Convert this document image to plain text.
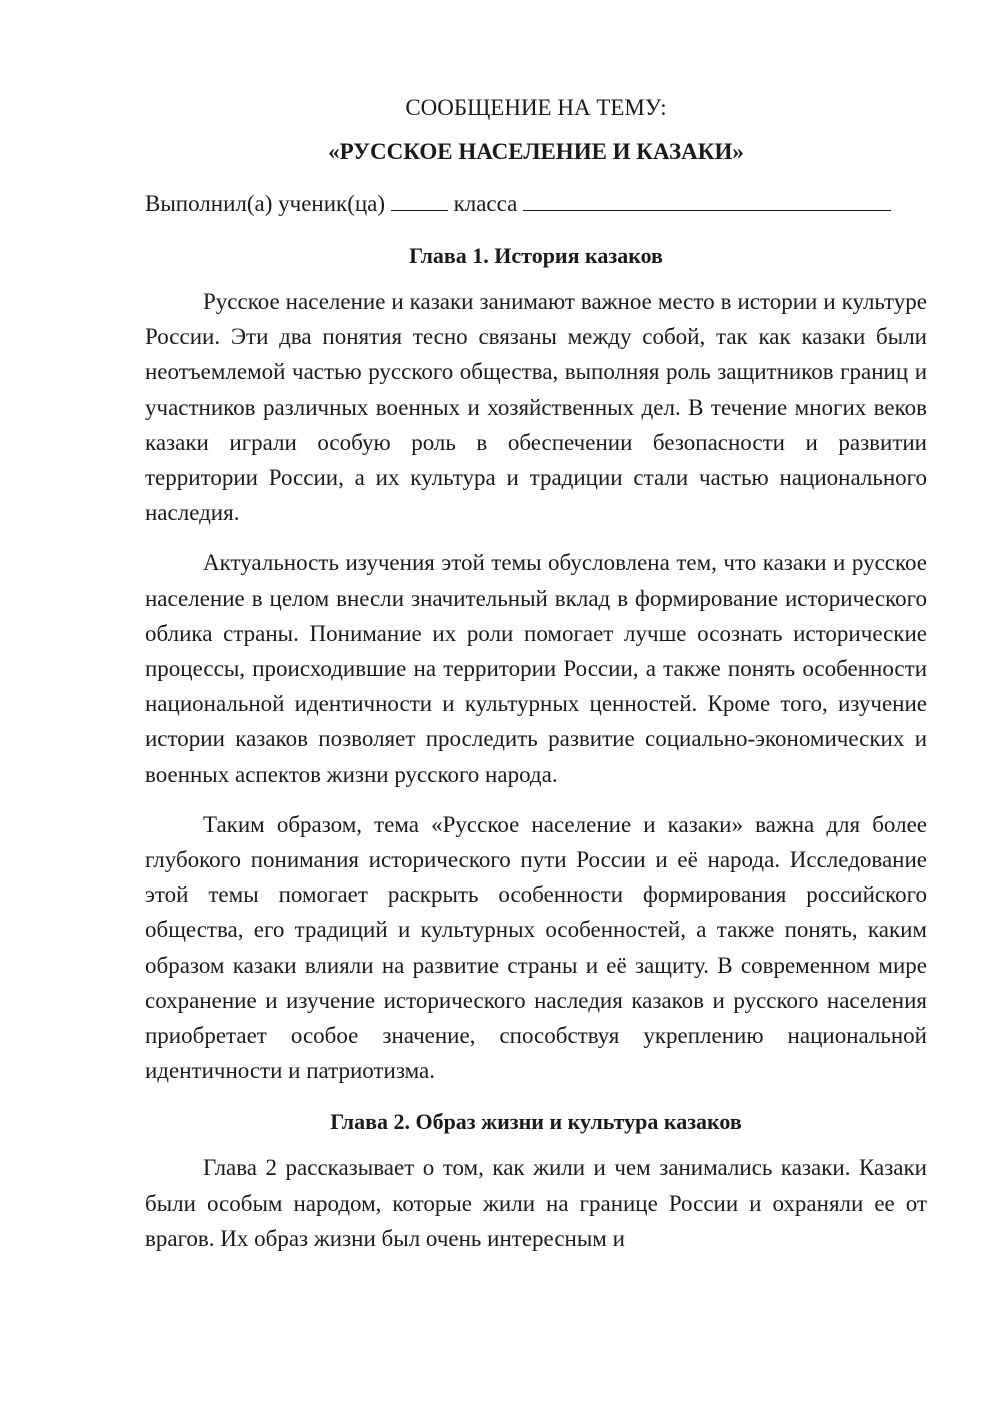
СООБЩЕНИЕ НА ТЕМУ:

«РУССКОЕ НАСЕЛЕНИЕ И КАЗАКИ»

Выполнил(а) ученик(ца)	класса
Глава 1. История казаков

Русское население и казаки занимают важное место в истории и культуре России. Эти два понятия тесно связаны между собой, так как казаки были неотъемлемой частью русского общества, выполняя роль защитников границ и участников различных военных и хозяйственных дел. В течение многих веков казаки играли особую роль в обеспечении безопасности и развитии территории России, а их культура и традиции стали частью национального наследия.

Актуальность изучения этой темы обусловлена тем, что казаки и русское население в целом внесли значительный вклад в формирование исторического облика страны. Понимание их роли помогает лучше осознать исторические процессы, происходившие на территории России, а также понять особенности национальной идентичности и культурных ценностей. Кроме того, изучение истории казаков позволяет проследить развитие социально-экономических и военных аспектов жизни русского народа.

Таким образом, тема «Русское население и казаки» важна для более глубокого понимания исторического пути России и её народа. Исследование этой темы помогает раскрыть особенности формирования российского общества, его традиций и культурных особенностей, а также понять, каким образом казаки влияли на развитие страны и её защиту. В современном мире сохранение и изучение исторического наследия казаков и русского населения приобретает особое значение, способствуя укреплению национальной идентичности и патриотизма.

Глава 2. Образ жизни и культура казаков

Глава 2 рассказывает о том, как жили и чем занимались казаки. Казаки были особым народом, которые жили на границе России и охраняли ее от врагов. Их образ жизни был очень интересным и
